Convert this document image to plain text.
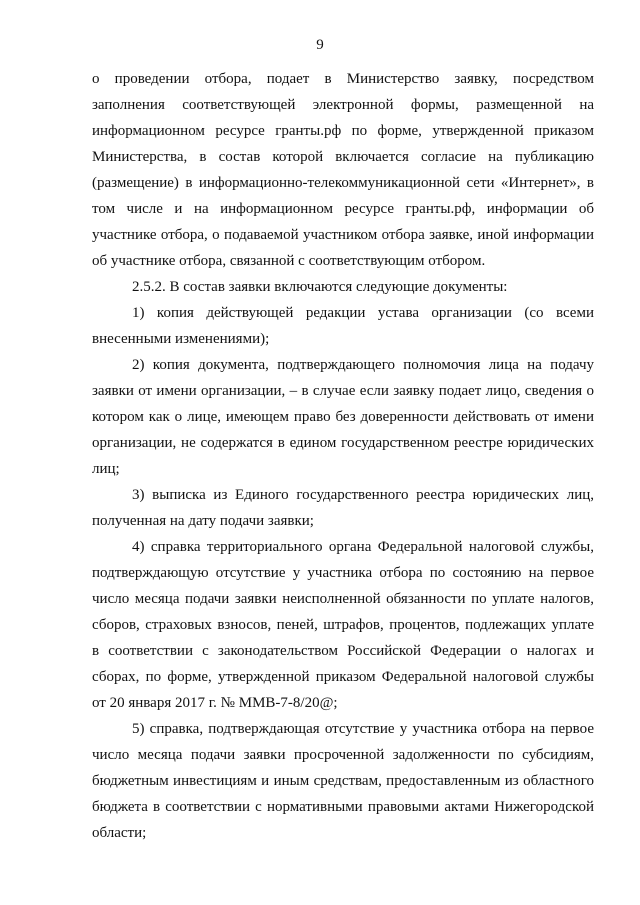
9
о проведении отбора, подает в Министерство заявку, посредством
заполнения соответствующей электронной формы, размещенной на
информационном ресурсе гранты.рф по форме, утвержденной приказом
Министерства, в состав которой включается согласие на публикацию
(размещение) в информационно-телекоммуникационной сети «Интернет», в
том числе и на информационном ресурсе гранты.рф, информации об
участнике отбора, о подаваемой участником отбора заявке, иной информации
об участнике отбора, связанной с соответствующим отбором.
2.5.2. В состав заявки включаются следующие документы:
1) копия действующей редакции устава организации (со всеми
внесенными изменениями);
2) копия документа, подтверждающего полномочия лица на подачу
заявки от имени организации, – в случае если заявку подает лицо, сведения о
котором как о лице, имеющем право без доверенности действовать от имени
организации, не содержатся в едином государственном реестре юридических
лиц;
3) выписка из Единого государственного реестра юридических лиц,
полученная на дату подачи заявки;
4) справка территориального органа Федеральной налоговой службы,
подтверждающую отсутствие у участника отбора по состоянию на первое
число месяца подачи заявки неисполненной обязанности по уплате налогов,
сборов, страховых взносов, пеней, штрафов, процентов, подлежащих уплате
в соответствии с законодательством Российской Федерации о налогах и
сборах, по форме, утвержденной приказом Федеральной налоговой службы
от 20 января 2017 г. № ММВ-7-8/20@;
5) справка, подтверждающая отсутствие у участника отбора на первое
число месяца подачи заявки просроченной задолженности по субсидиям,
бюджетным инвестициям и иным средствам, предоставленным из областного
бюджета в соответствии с нормативными правовыми актами Нижегородской
области;
